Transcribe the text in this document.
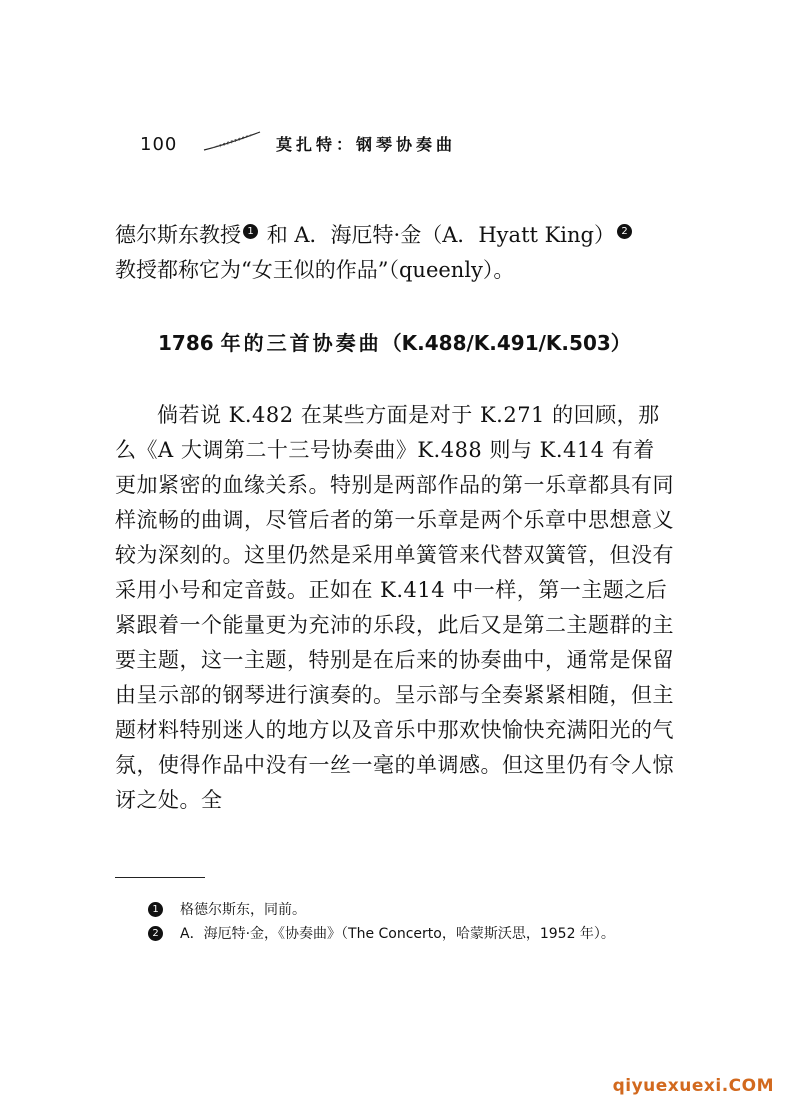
100	莫扎特：钢琴协奏曲

德尔斯东教授 1 和 A．海厄特·金（A．Hyatt King） 2
教授都称它为“女王似的作品”（queenly）。

1786 年的三首协奏曲（K.488/K.491/K.503）

倘若说 K.482 在某些方面是对于 K.271 的回顾，那么《A 大调第二十三号协奏曲》K.488 则与 K.414 有着更加紧密的血缘关系。特别是两部作品的第一乐章都具有同样流畅的曲调，尽管后者的第一乐章是两个乐章中思想意义较为深刻的。这里仍然是采用单簧管来代替双簧管，但没有采用小号和定音鼓。正如在 K.414 中一样，第一主题之后紧跟着一个能量更为充沛的乐段，此后又是第二主题群的主要主题，这一主题，特别是在后来的协奏曲中，通常是保留由呈示部的钢琴进行演奏的。呈示部与全奏紧紧相随，但主题材料特别迷人的地方以及音乐中那欢快愉快充满阳光的气氛，使得作品中没有一丝一毫的单调感。但这里仍有令人惊讶之处。全

1	格德尔斯东，同前。
2	A．海厄特·金，《协奏曲》（The Concerto，哈蒙斯沃思，1952 年）。
qiyuexuexi.COM
